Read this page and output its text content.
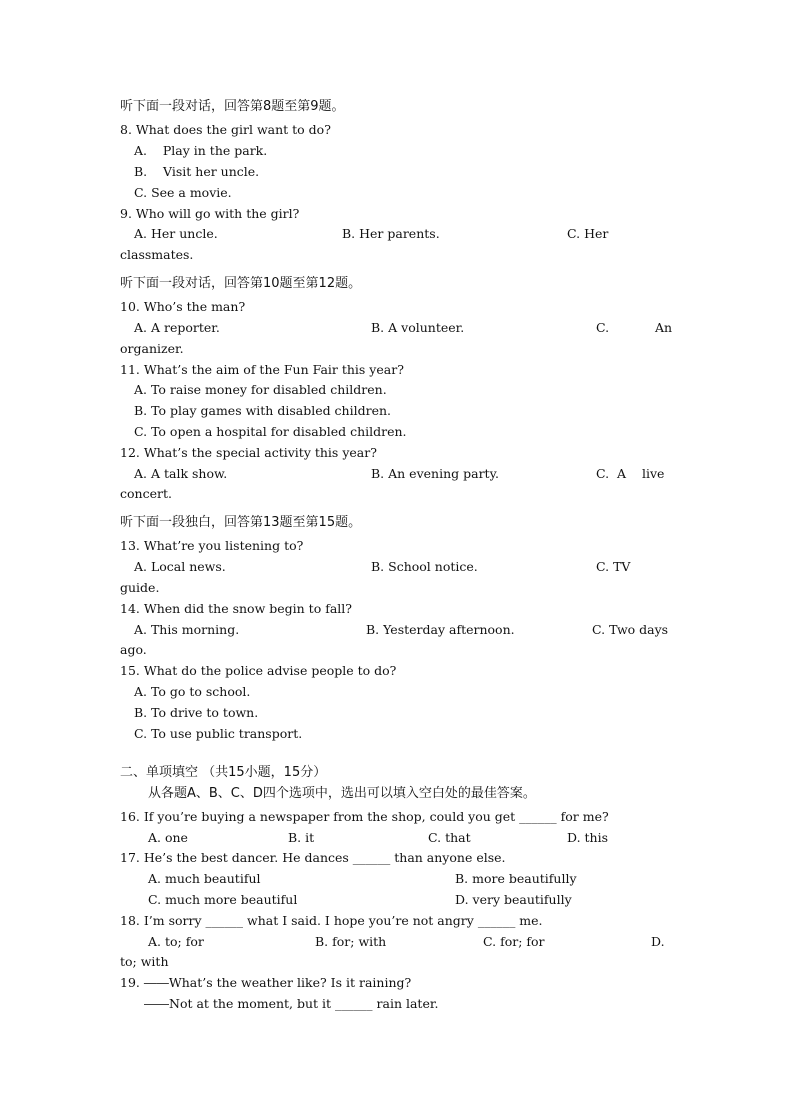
听下面一段对话，回答第8题至第9题。
8. What does the girl want to do?
A.    Play in the park.
B.    Visit her uncle.
C. See a movie.
9. Who will go with the girl?
A. Her uncle.	B. Her parents.	C. Her
classmates.
听下面一段对话，回答第10题至第12题。
10. Who’s the man?
A. A reporter.	B. A volunteer.	C.	An
organizer.
11. What’s the aim of the Fun Fair this year?
A. To raise money for disabled children.
B. To play games with disabled children.
C. To open a hospital for disabled children.
12. What’s the special activity this year?
A. A talk show.	B. An evening party.	C.  A live
concert.
听下面一段独白，回答第13题至第15题。
13. What’re you listening to?
A. Local news.	B. School notice.	C. TV
guide.
14. When did the snow begin to fall?
A. This morning.	B. Yesterday afternoon.	C. Two days
ago.
15. What do the police advise people to do?
A. To go to school.
B. To drive to town.
C. To use public transport.
二、单项填空 （共15小题，15分）
从各题A、B、C、D四个选项中，选出可以填入空白处的最佳答案。
16. If you’re buying a newspaper from the shop, could you get ______ for me?
A. one	B. it	C. that	D. this
17. He’s the best dancer. He dances ______ than anyone else.
A. much beautiful	B. more beautifully
C. much more beautiful	D. very beautifully
18. I’m sorry ______ what I said. I hope you’re not angry ______ me.
A. to; for	B. for; with	C. for; for	D.
to; with
19. ――What’s the weather like? Is it raining?
――Not at the moment, but it ______ rain later.
